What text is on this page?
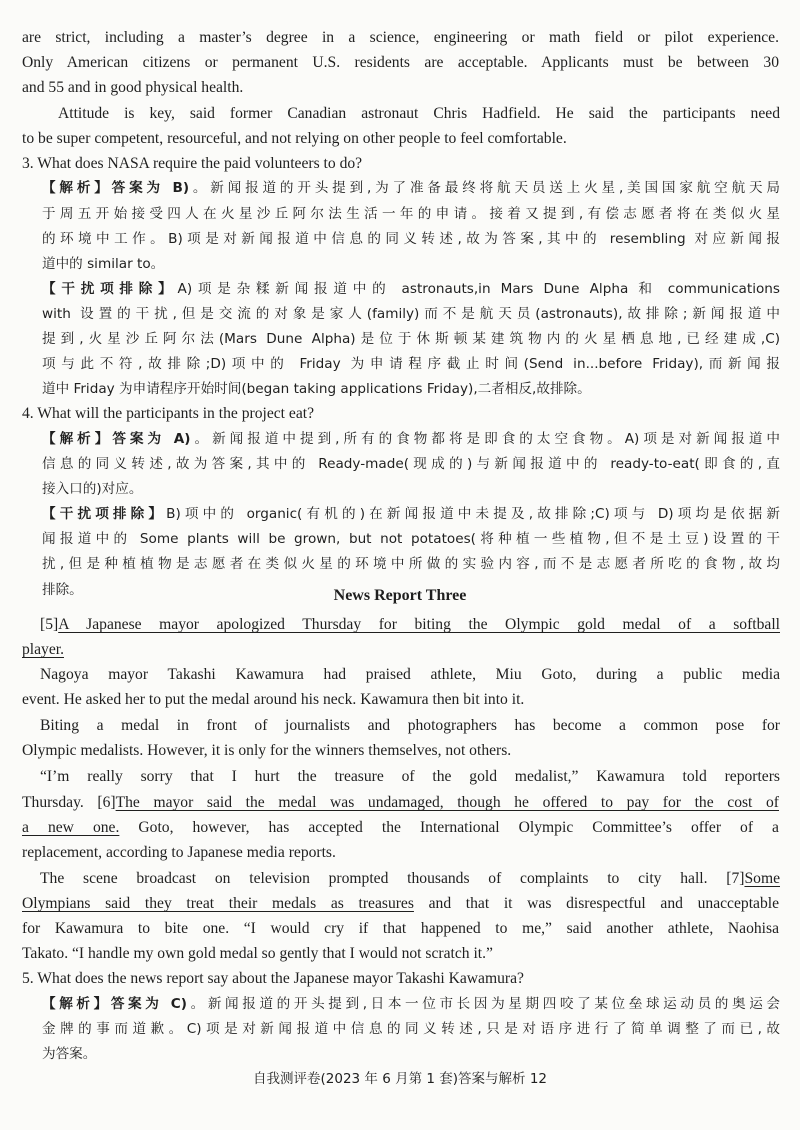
are strict, including a master’s degree in a science, engineering or math field or pilot experience.
Only American citizens or permanent U.S. residents are acceptable. Applicants must be between 30
and 55 and in good physical health.
Attitude is key, said former Canadian astronaut Chris Hadfield. He said the participants need
to be super competent, resourceful, and not relying on other people to feel comfortable.
3. What does NASA require the paid volunteers to do?
【解析】答案为 B)。新闻报道的开头提到,为了准备最终将航天员送上火星,美国国家航空航天局
于周五开始接受四人在火星沙丘阿尔法生活一年的申请。接着又提到,有偿志愿者将在类似火星
的环境中工作。B)项是对新闻报道中信息的同义转述,故为答案,其中的 resembling 对应新闻报
道中的 similar to。
【干扰项排除】A)项是杂糅新闻报道中的 astronauts,in Mars Dune Alpha 和 communications
with 设置的干扰,但是交流的对象是家人(family)而不是航天员(astronauts),故排除;新闻报道中
提到,火星沙丘阿尔法(Mars Dune Alpha)是位于休斯顿某建筑物内的火星栖息地,已经建成,C)
项与此不符,故排除;D)项中的 Friday 为申请程序截止时间(Send in...before Friday),而新闻报
道中 Friday 为申请程序开始时间(began taking applications Friday),二者相反,故排除。
4. What will the participants in the project eat?
【解析】答案为 A)。新闻报道中提到,所有的食物都将是即食的太空食物。A)项是对新闻报道中
信息的同义转述,故为答案,其中的 Ready-made(现成的)与新闻报道中的 ready-to-eat(即食的,直
接入口的)对应。
【干扰项排除】B)项中的 organic(有机的)在新闻报道中未提及,故排除;C)项与 D)项均是依据新
闻报道中的 Some plants will be grown, but not potatoes(将种植一些植物,但不是土豆)设置的干
扰,但是种植植物是志愿者在类似火星的环境中所做的实验内容,而不是志愿者所吃的食物,故均
排除。
[5]A Japanese mayor apologized Thursday for biting the Olympic gold medal of a softball
player.
Nagoya mayor Takashi Kawamura had praised athlete, Miu Goto, during a public media
event. He asked her to put the medal around his neck. Kawamura then bit into it.
Biting a medal in front of journalists and photographers has become a common pose for
Olympic medalists. However, it is only for the winners themselves, not others.
“I’m really sorry that I hurt the treasure of the gold medalist,” Kawamura told reporters
Thursday. [6]The mayor said the medal was undamaged, though he offered to pay for the cost of
a new one. Goto, however, has accepted the International Olympic Committee’s offer of a
replacement, according to Japanese media reports.
The scene broadcast on television prompted thousands of complaints to city hall. [7]Some
Olympians said they treat their medals as treasures and that it was disrespectful and unacceptable
for Kawamura to bite one. “I would cry if that happened to me,” said another athlete, Naohisa
Takato. “I handle my own gold medal so gently that I would not scratch it.”
5. What does the news report say about the Japanese mayor Takashi Kawamura?
【解析】答案为 C)。新闻报道的开头提到,日本一位市长因为星期四咬了某位垒球运动员的奥运会
金牌的事而道歉。C)项是对新闻报道中信息的同义转述,只是对语序进行了简单调整了而已,故
为答案。
News Report Three
自我测评卷(2023 年 6 月第 1 套)答案与解析 12
